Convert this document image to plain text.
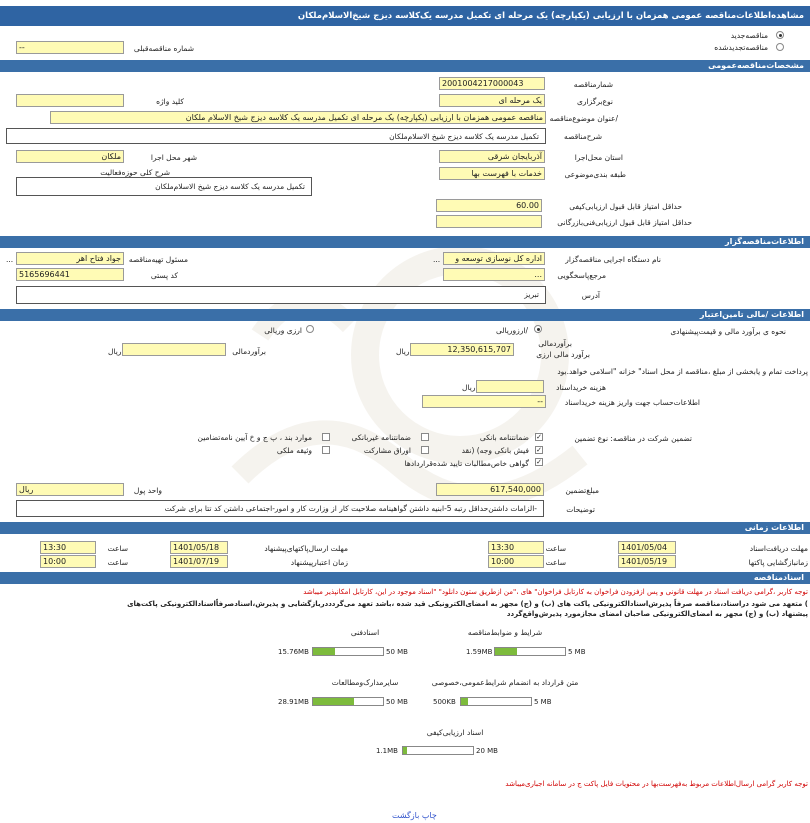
مشاهده‌اطلاعات‌مناقصه عمومی همزمان با ارزیابی (یکپارچه) یک مرحله ای تکمیل مدرسه یک‌کلاسه دیزج شیخ‌الاسلام‌ملکان
مناقصه‌جدید
مناقصه‌تجدیدشده
--	شماره مناقصه‌قبلی
مشخصات‌مناقصه‌عمومی
2001004217000043	شمارمناقصه
یک مرحله ای	نوع‌برگزاری
کلید واژه
مناقصه عمومی همزمان با ارزیابی (یکپارچه) یک مرحله ای تکمیل مدرسه یک کلاسه دیزج شیخ الاسلام ملکان /عنوان موضوع‌مناقصه
تکمیل مدرسه یک کلاسه دیزج شیخ الاسلام‌ملکان	شرح‌مناقصه
آذربایجان شرقی	استان محل‌اجرا
ملکان	شهر محل اجرا
خدمات با فهرست بها	طبقه بندی‌موضوعی
شرح کلی حوزه‌فعالیت
تکمیل مدرسه یک کلاسه دیزج شیخ الاسلام‌ملکان
60.00	حداقل امتیاز قابل قبول ارزیابی‌کیفی
حداقل امتیاز قابل قبول ارزیابی‌فنی‌بازرگانی
اطلاعات‌مناقصه‌گزار
اداره کل نوسازی توسعه و
...	نام دستگاه اجرایی مناقصه‌گزار
جواد فتاح اهر
...	مسئول تهیه‌مناقصه
...	مرجع‌پاسخگویی
5165696441	کد پستی
تبریز	آدرس
اطلاعات‌ /مالی تامین‌اعتبار
نحوه ی برآورد مالی و قیمت‌پیشنهادی
/ارزوریالی
ارزی وریالی
12,350,615,707
ریال
برآوردمالی
برآورد مالی ارزی
ریال	برآوردمالی
پرداخت تمام و یابخشی از مبلغ ،مناقصه از محل اسناد" خزانه "اسلامی خواهد.بود
ریال	هزینه خریداسناد
--	اطلاعات‌حساب جهت واریز هزینه خریداسناد
تضمین شرکت در مناقصه: نوع تضمین
✓
ضمانتنامه بانکی
ضمانتنامه غیربانکی
موارد بند ، پ ج و خ آیین نامه‌تضامین
✓
فیش بانکی وجه) (نقد
اوراق مشارکت
وثیقه ملکی
✓
گواهی خاص‌مطالبات تایید شده‌قراردادها
617,540,000	مبلغ‌تضمین
ریال	واحد پول
-الزامات داشتن‌حداقل رتبه 5-ابنیه داشتن گواهینامه صلاحیت کار از وزارت کار و امور-اجتماعی داشتن کد تتا برای شرکت	توضیحات
اطلاعات زمانی
1401/05/04	مهلت دریافت‌اسناد
13:30	ساعت
1401/05/18	مهلت ارسال‌پاکتهای‌پیشنهاد
13:30	ساعت
1401/05/19	زمانبازگشایی پاکتها
10:00	ساعت
1401/07/19	زمان اعتبارپیشنهاد
10:00	ساعت
اسنادمناقصه
توجه کاربر ،گرامی دریافت اسناد در مهلت قانونی و پس ازفزودن فراخوان به کارتابل فراخوان" های ،"من ازطریق ستون دانلود" "اسناد موجود در این، کارتابل امکانپذیر میباشد
) متعهد می شود دراسناد،مناقصه صرفاً پذیرش‌اسنادالکترونیکی پاکت های (ب) و (ج) مجهز به امضای‌الکترونیکی قید شده ،باشد تعهد می‌گردددربازگشایی و پذیرش،اسنادصرفاً‌اسنادالکترونیکی پاکت‌های
پیشنهاد (ب) و (ج) مجهز به امضای‌الکترونیکی صاحبان امضای مجازمورد پذیرش‌واقع‌گردد
شرایط و ضوابط‌مناقصه
1.59MB	5 MB
اسنادفنی
15.76MB	50 MB
متن قرارداد به انضمام شرایط‌عمومی،خصوصی
500KB	5 MB
سایرمدارک‌ومطالعات
28.91MB	50 MB
اسناد ارزیابی‌کیفی
1.1MB	20 MB
توجه کاربر گرامی ارسال‌اطلاعات مربوط به‌فهرست‌بها در محتویات فایل پاکت ج در سامانه اجباری‌میباشد
چاپ بازگشت
